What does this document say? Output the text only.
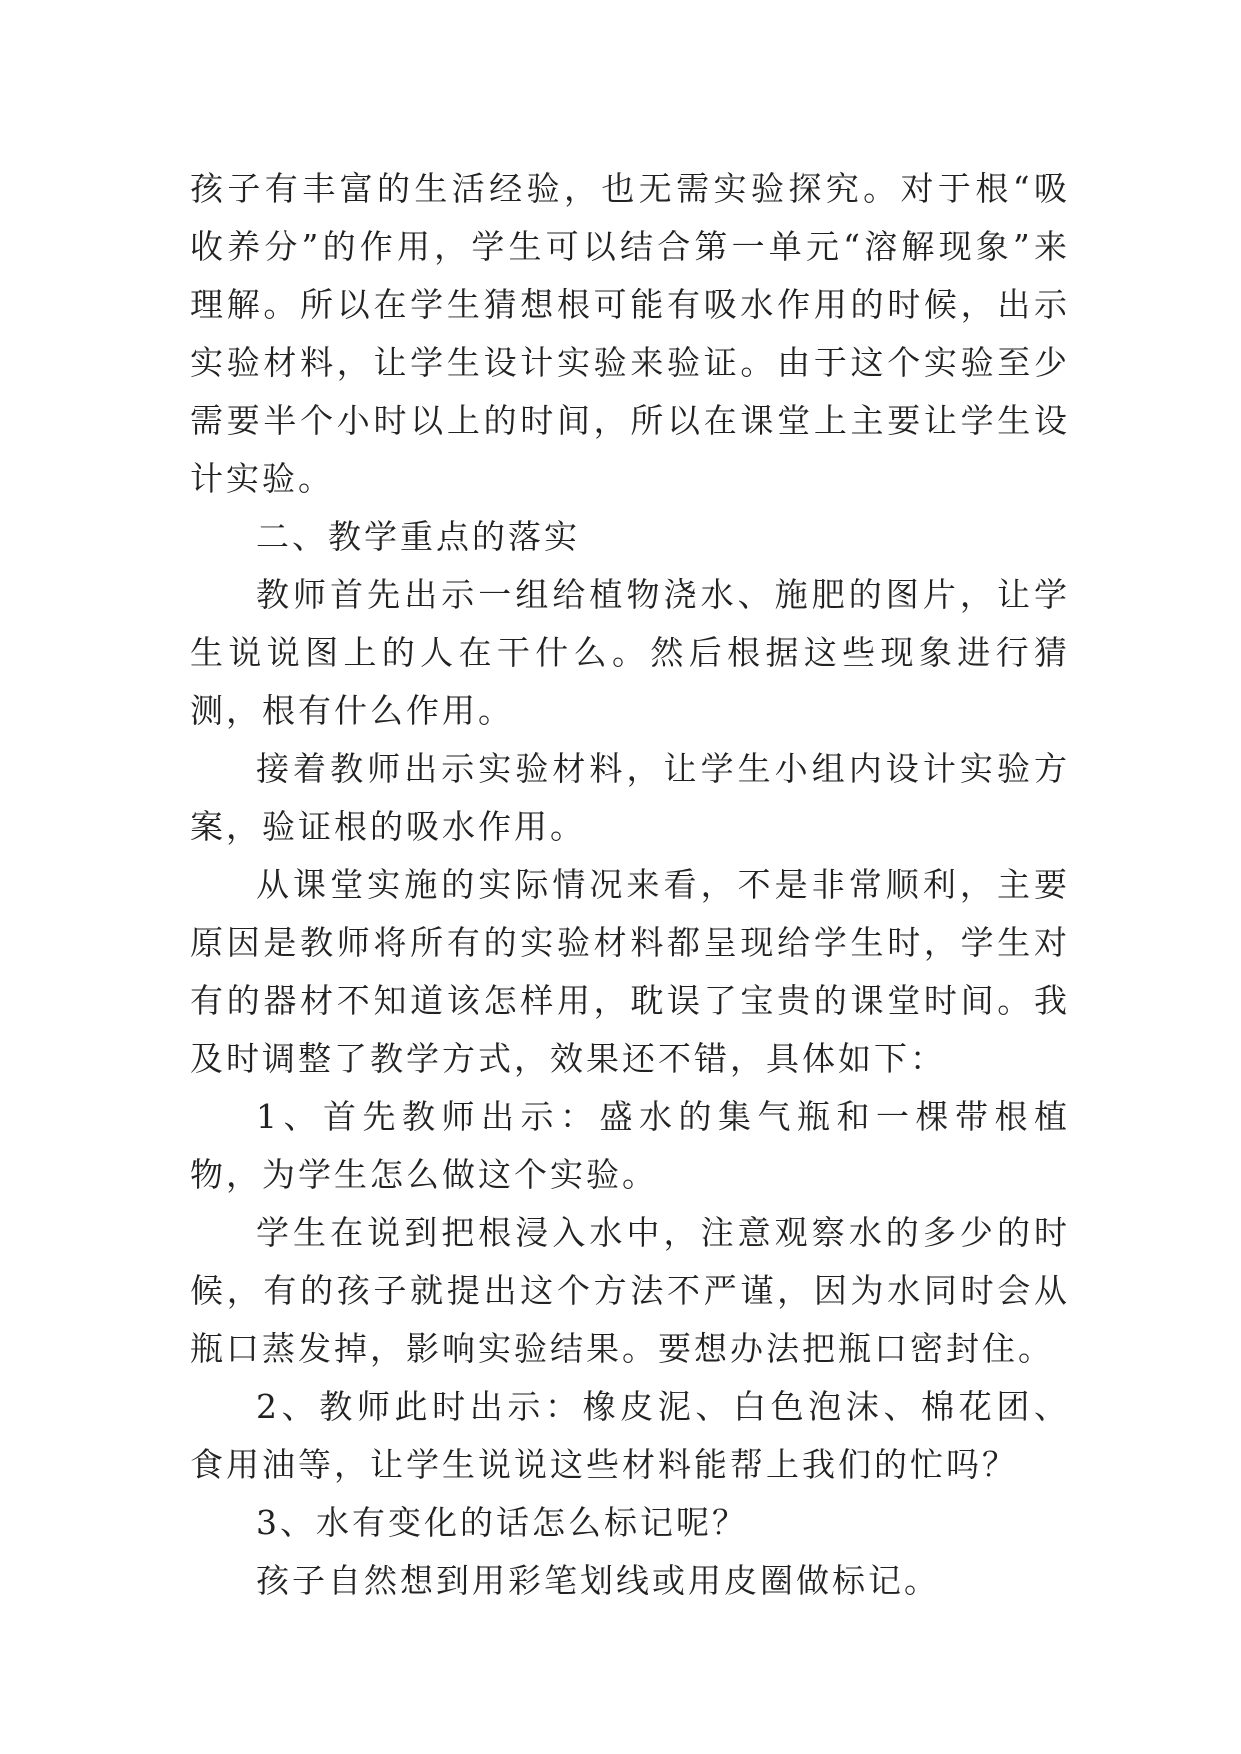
孩子有丰富的生活经验，也无需实验探究。对于根“吸收养分”的作用，学生可以结合第一单元“溶解现象”来理解。所以在学生猜想根可能有吸水作用的时候，出示实验材料，让学生设计实验来验证。由于这个实验至少需要半个小时以上的时间，所以在课堂上主要让学生设计实验。

二、教学重点的落实

教师首先出示一组给植物浇水、施肥的图片，让学生说说图上的人在干什么。然后根据这些现象进行猜测，根有什么作用。

接着教师出示实验材料，让学生小组内设计实验方案，验证根的吸水作用。

从课堂实施的实际情况来看，不是非常顺利，主要原因是教师将所有的实验材料都呈现给学生时，学生对有的器材不知道该怎样用，耽误了宝贵的课堂时间。我及时调整了教学方式，效果还不错，具体如下：

1、首先教师出示：盛水的集气瓶和一棵带根植物，为学生怎么做这个实验。

学生在说到把根浸入水中，注意观察水的多少的时候，有的孩子就提出这个方法不严谨，因为水同时会从瓶口蒸发掉，影响实验结果。要想办法把瓶口密封住。

2、教师此时出示：橡皮泥、白色泡沫、棉花团、食用油等，让学生说说这些材料能帮上我们的忙吗？

3、水有变化的话怎么标记呢？

孩子自然想到用彩笔划线或用皮圈做标记。
